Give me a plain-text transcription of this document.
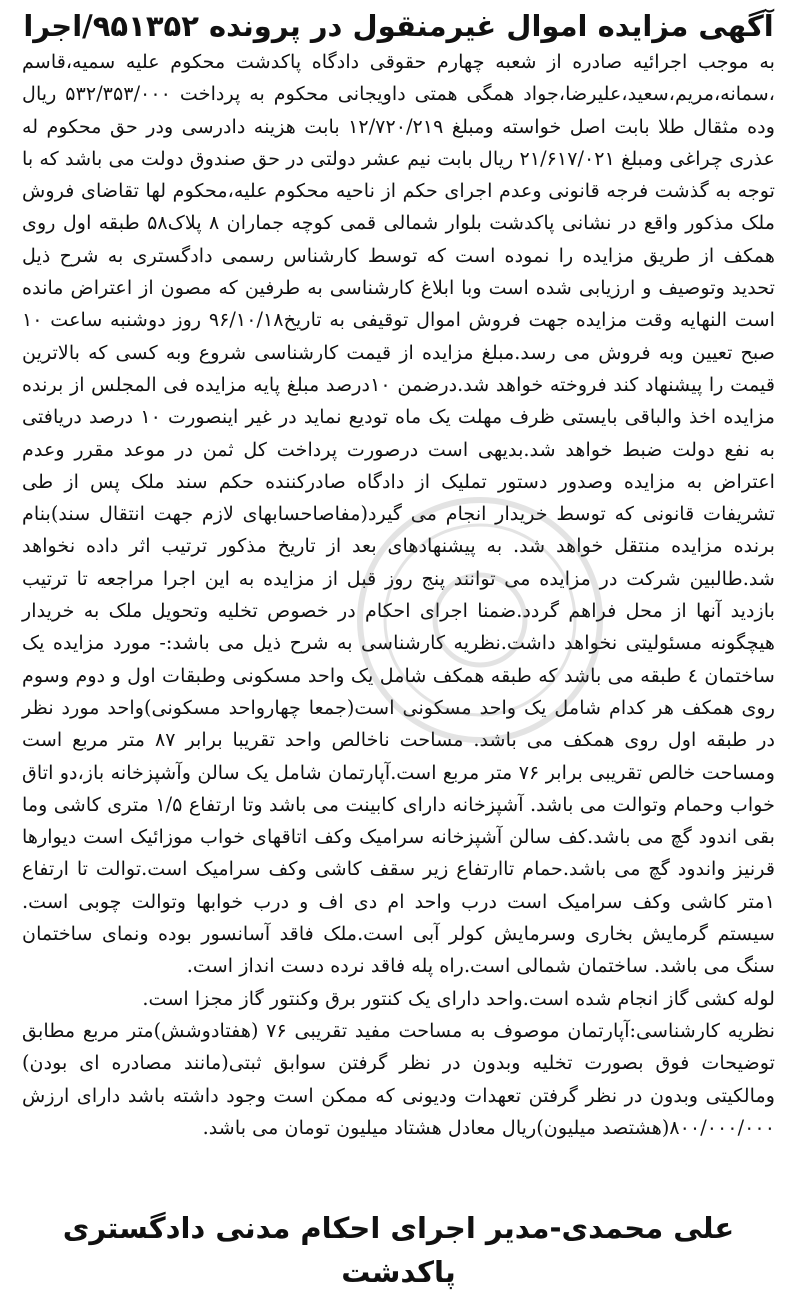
آگهی مزایده اموال غیرمنقول در پرونده ۹۵۱۳۵۲/اجرا

به موجب اجرائیه صادره از شعبه چهارم حقوقی دادگاه پاکدشت محکوم علیه سمیه،قاسم ،سمانه،مریم،سعید،علیرضا،جواد همگی همتی داویجانی محکوم به پرداخت ۵۳۲/۳۵۳/۰۰۰ ریال وده مثقال طلا بابت اصل خواسته ومبلغ ۱۲/۷۲۰/۲۱۹ بابت هزینه دادرسی ودر حق محکوم له عذری چراغی ومبلغ ۲۱/۶۱۷/۰۲۱ ریال بابت نیم عشر دولتی در حق صندوق دولت می باشد که با توجه به گذشت فرجه قانونی وعدم اجرای حکم از ناحیه محکوم علیه،محکوم لها تقاضای فروش ملک مذکور واقع در نشانی پاکدشت بلوار شمالی قمی کوچه جماران ۸ پلاک۵۸ طبقه اول روی همکف از طریق مزایده را نموده است که توسط کارشناس رسمی دادگستری به شرح ذیل تحدید وتوصیف و ارزیابی شده است وبا ابلاغ کارشناسی به طرفین که مصون از اعتراض مانده است النهایه وقت مزایده جهت فروش اموال توقیفی به تاریخ۹۶/۱۰/۱۸ روز دوشنبه ساعت ۱۰ صبح تعیین وبه فروش می رسد.مبلغ مزایده از قیمت کارشناسی شروع وبه کسی که بالاترین قیمت را پیشنهاد کند فروخته خواهد شد.درضمن ۱۰درصد مبلغ پایه مزایده فی المجلس از برنده مزایده اخذ والباقی بایستی ظرف مهلت یک ماه تودیع نماید در غیر اینصورت ۱۰ درصد دریافتی به نفع دولت ضبط خواهد شد.بدیهی است درصورت پرداخت کل ثمن در موعد مقرر وعدم اعتراض به مزایده وصدور دستور تملیک از دادگاه صادرکننده حکم سند ملک پس از طی تشریفات قانونی که توسط خریدار انجام می گیرد(مفاصاحسابهای لازم جهت انتقال سند)بنام برنده مزایده منتقل خواهد شد. به پیشنهادهای بعد از تاریخ مذکور ترتیب اثر داده نخواهد شد.طالبین شرکت در مزایده می توانند پنج روز قبل از مزایده به این اجرا مراجعه تا ترتیب بازدید آنها از محل فراهم گردد.ضمنا اجرای احکام در خصوص تخلیه وتحویل ملک به خریدار هیچگونه مسئولیتی نخواهد داشت.نظریه کارشناسی به شرح ذیل می باشد:- مورد مزایده یک ساختمان ٤ طبقه می باشد که طبقه همکف شامل یک واحد مسکونی وطبقات اول و دوم وسوم روی همکف هر کدام شامل یک واحد مسکونی است(جمعا چهارواحد مسکونی)واحد مورد نظر در طبقه اول روی همکف می باشد. مساحت ناخالص واحد تقریبا برابر ۸۷ متر مربع است ومساحت خالص تقریبی برابر ۷۶ متر مربع است.آپارتمان شامل یک سالن وآشپزخانه باز،دو اتاق خواب وحمام وتوالت می باشد. آشپزخانه دارای کابینت می باشد وتا ارتفاع ۱/۵ متری کاشی وما بقی اندود گچ می باشد.کف سالن آشپزخانه سرامیک وکف اتاقهای خواب موزائیک است دیوارها قرنیز واندود گچ می باشد.حمام تاارتفاع زیر سقف کاشی وکف سرامیک است.توالت تا ارتفاع ۱متر کاشی وکف سرامیک است درب واحد ام دی اف و درب خوابها وتوالت چوبی است. سیستم گرمایش بخاری وسرمایش کولر آبی است.ملک فاقد آسانسور بوده ونمای ساختمان سنگ می باشد. ساختمان شمالی است.راه پله فاقد نرده دست انداز است.

لوله کشی گاز انجام شده است.واحد دارای یک کنتور برق وکنتور گاز مجزا است.

نظریه کارشناسی:آپارتمان موصوف به مساحت مفید تقریبی ۷۶ (هفتادوشش)متر مربع مطابق توضیحات فوق بصورت تخلیه وبدون در نظر گرفتن سوابق ثبتی(مانند مصادره ای بودن) ومالکیتی وبدون در نظر گرفتن تعهدات ودیونی که ممکن است وجود داشته باشد دارای ارزش ۸۰۰/۰۰۰/۰۰۰(هشتصد میلیون)ریال معادل هشتاد میلیون تومان می باشد.

علی محمدی-مدیر اجرای احکام مدنی دادگستری پاکدشت
